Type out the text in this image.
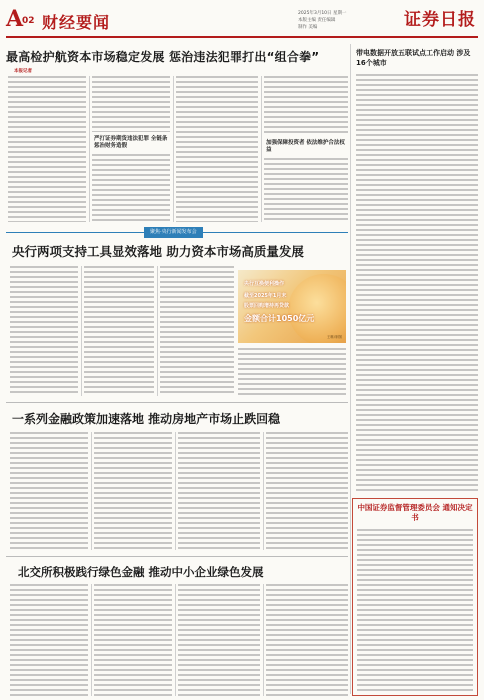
A
02 财经要闻	2025年3月10日 星期一
本版主编 责任编辑
制作 美编	证券日报
最高检护航资本市场稳定发展 惩治违法犯罪打出“组合拳”
本报记者
严打证券期货违法犯罪 全链条惩治财务造假	加强保障投资者 依法维护合法权益
聚焦·央行新闻发布会
央行两项支持工具显效落地 助力资本市场高质量发展
央行互换便利操作
截至2025年1月末
股票回购增持再贷款
金额合计1050亿元
王琳/制图
一系列金融政策加速落地 推动房地产市场止跌回稳
北交所积极践行绿色金融 推动中小企业绿色发展
带电数据开放五联试点工作启动 涉及16个城市
中国证券监督管理委员会 通知决定书
